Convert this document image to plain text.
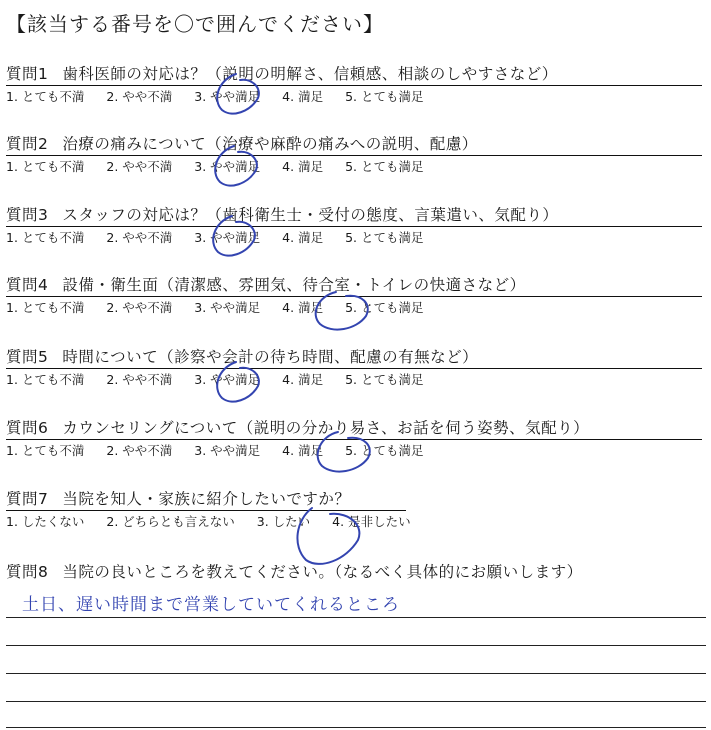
【該当する番号を〇で囲んでください】
質問1 歯科医師の対応は？（説明の明解さ、信頼感、相談のしやすさなど）
1. とても不満 2. やや不満 3. やや満足 4. 満足 5. とても満足
質問2 治療の痛みについて（治療や麻酔の痛みへの説明、配慮）
1. とても不満 2. やや不満 3. やや満足 4. 満足 5. とても満足
質問3 スタッフの対応は？（歯科衛生士・受付の態度、言葉遣い、気配り）
1. とても不満 2. やや不満 3. やや満足 4. 満足 5. とても満足
質問4 設備・衛生面（清潔感、雰囲気、待合室・トイレの快適さなど）
1. とても不満 2. やや不満 3. やや満足 4. 満足 5. とても満足
質問5 時間について（診察や会計の待ち時間、配慮の有無など）
1. とても不満 2. やや不満 3. やや満足 4. 満足 5. とても満足
質問6 カウンセリングについて（説明の分かり易さ、お話を伺う姿勢、気配り）
1. とても不満 2. やや不満 3. やや満足 4. 満足 5. とても満足
質問7 当院を知人・家族に紹介したいですか？
1. したくない 2. どちらとも言えない 3. したい 4. 是非したい
質問8 当院の良いところを教えてください。（なるべく具体的にお願いします）
土日、遅い時間まで営業していてくれるところ
